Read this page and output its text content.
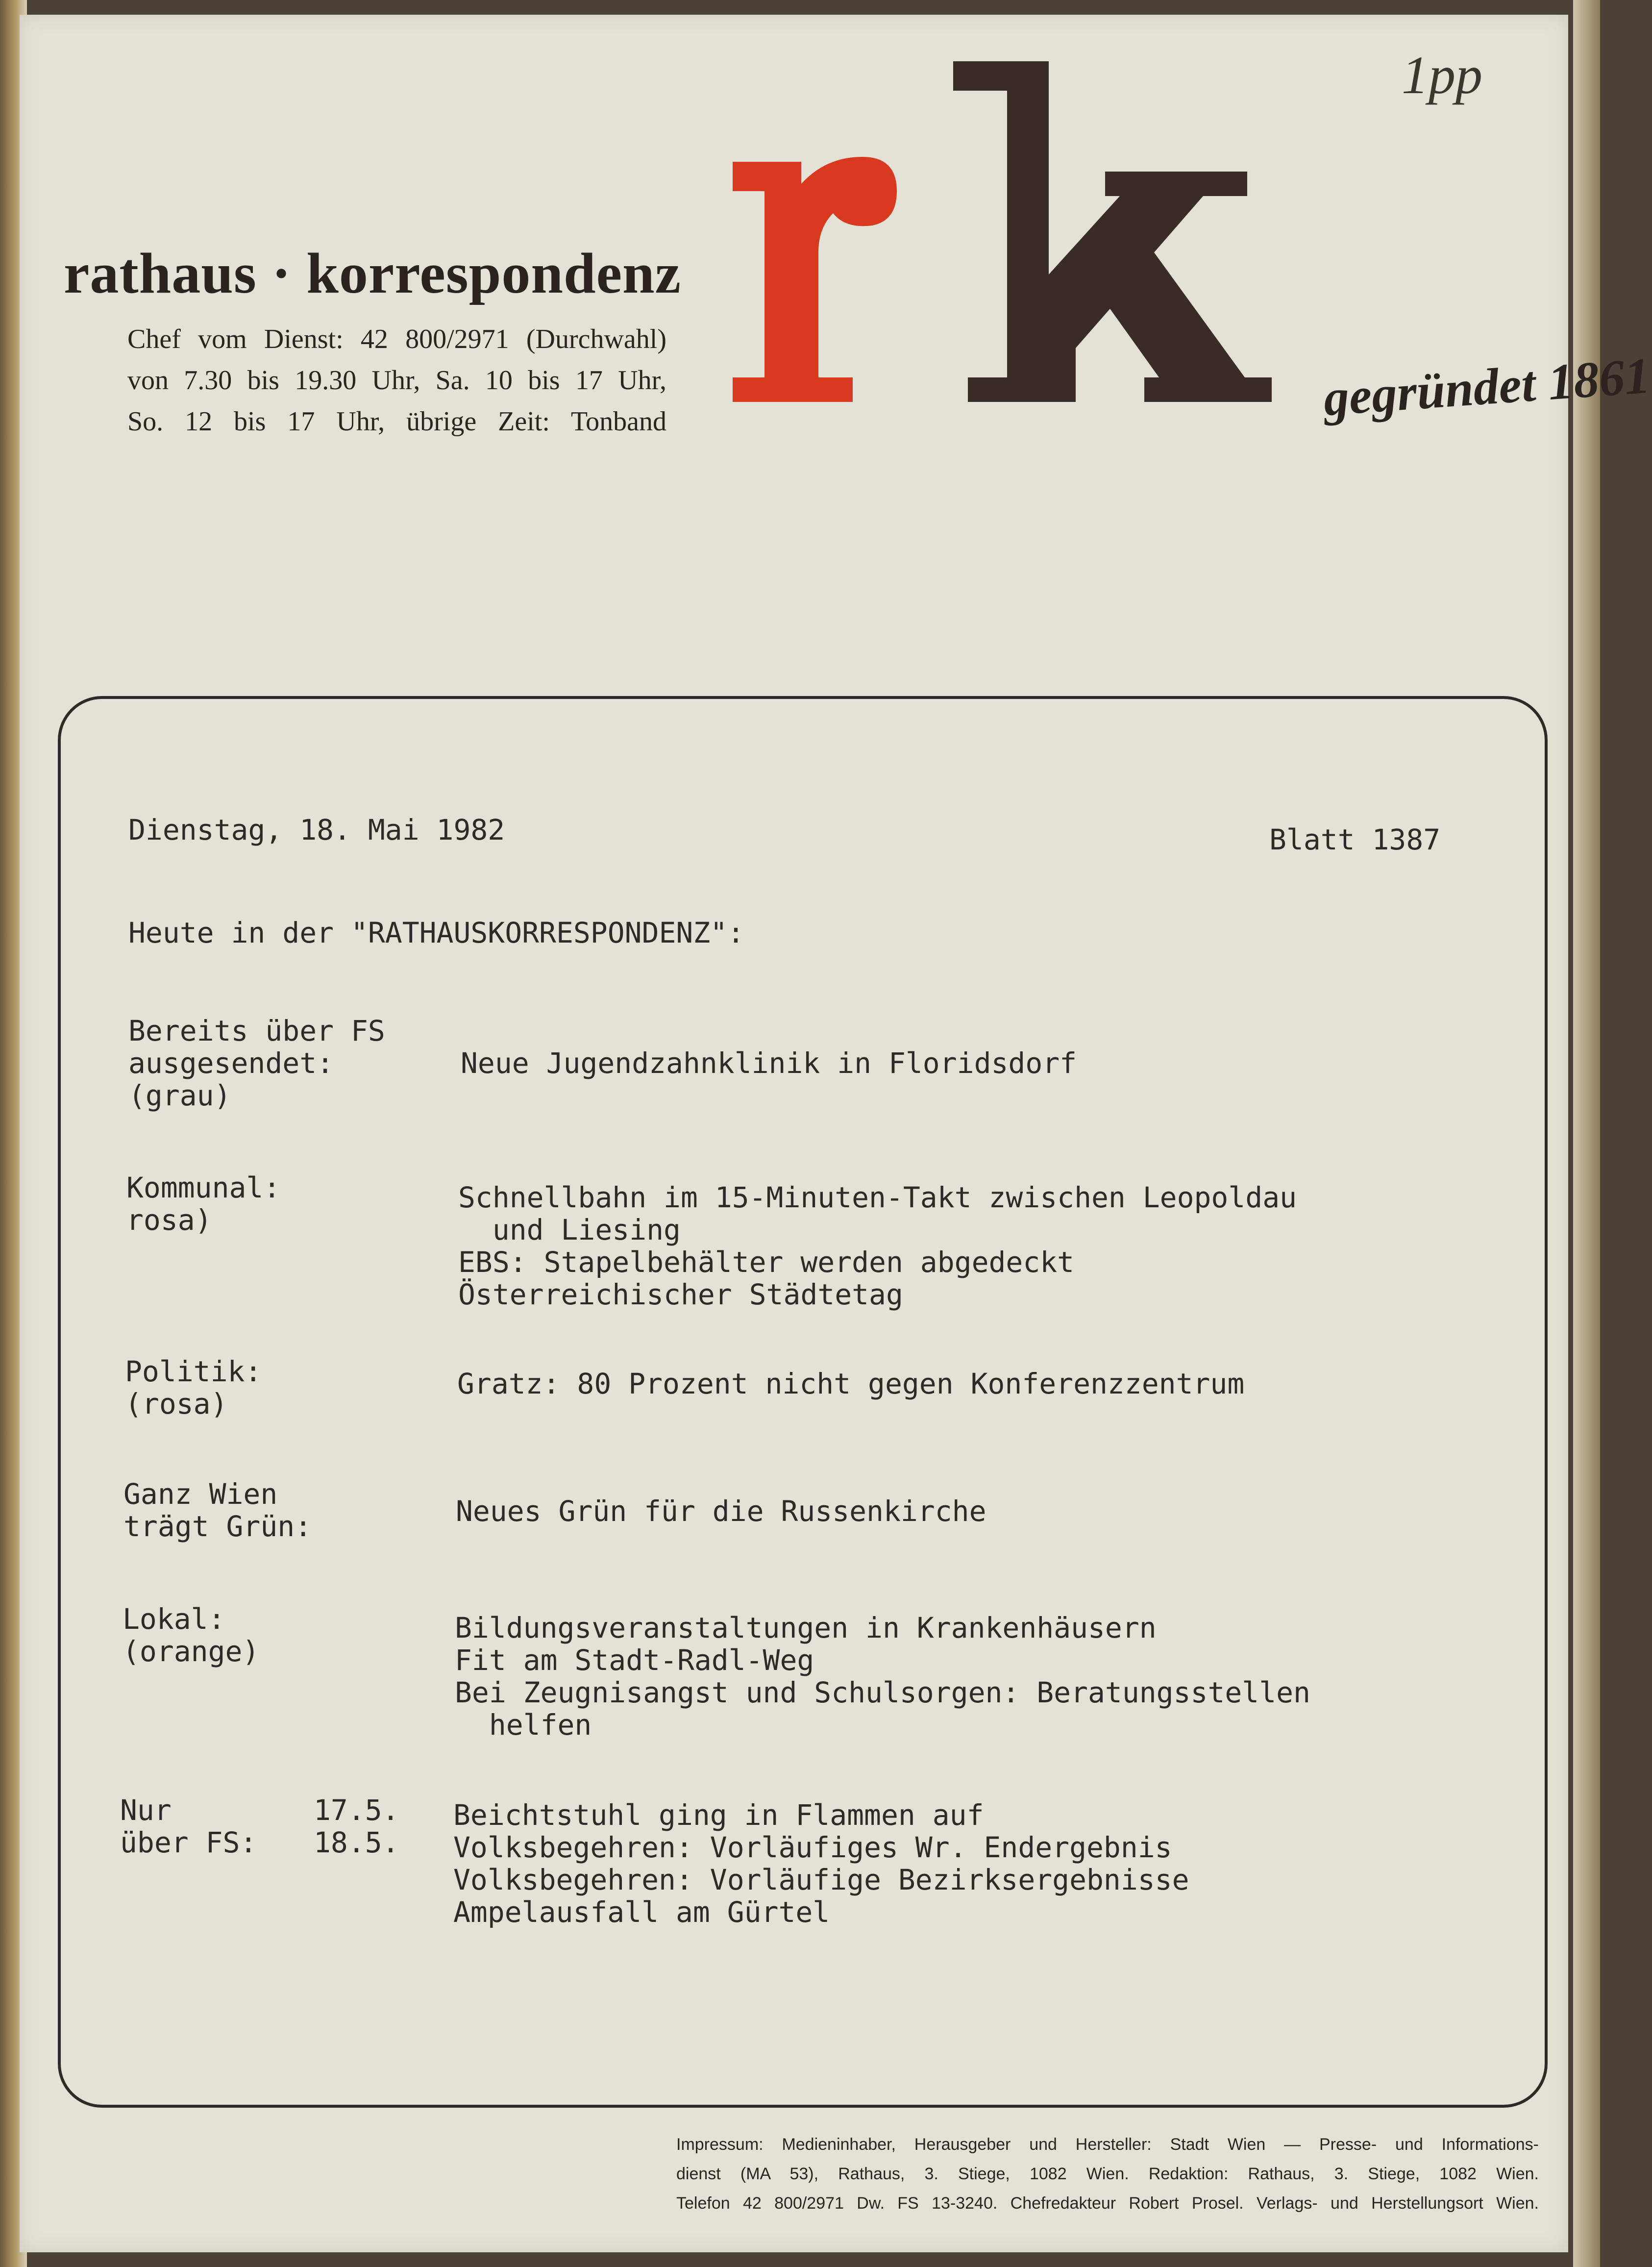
rathaus · korrespondenz
Chef vom Dienst: 42 800/2971 (Durchwahl)
von 7.30 bis 19.30 Uhr, Sa. 10 bis 17 Uhr,
So. 12 bis 17 Uhr, übrige Zeit: Tonband
1pp
gegründet 1861
Dienstag, 18. Mai 1982	Blatt 1387
Heute in der "RATHAUSKORRESPONDENZ":
Bereits über FS
ausgesendet:
(grau)
Neue Jugendzahnklinik in Floridsdorf
Kommunal:
rosa)
Schnellbahn im 15-Minuten-Takt zwischen Leopoldau
und Liesing
EBS: Stapelbehälter werden abgedeckt
Österreichischer Städtetag
Politik:
(rosa)
Gratz: 80 Prozent nicht gegen Konferenzzentrum
Ganz Wien
trägt Grün:	Neues Grün für die Russenkirche
Lokal:
(orange)
Bildungsveranstaltungen in Krankenhäusern
Fit am Stadt-Radl-Weg
Bei Zeugnisangst und Schulsorgen: Beratungsstellen
helfen
Nur
über FS:
17.5.
18.5.
Beichtstuhl ging in Flammen auf
Volksbegehren: Vorläufiges Wr. Endergebnis
Volksbegehren: Vorläufige Bezirksergebnisse
Ampelausfall am Gürtel
Impressum: Medieninhaber, Herausgeber und Hersteller: Stadt Wien — Presse- und Informations-
dienst (MA 53), Rathaus, 3. Stiege, 1082 Wien. Redaktion: Rathaus, 3. Stiege, 1082 Wien.
Telefon 42 800/2971 Dw. FS 13-3240. Chefredakteur Robert Prosel. Verlags- und Herstellungsort Wien.
